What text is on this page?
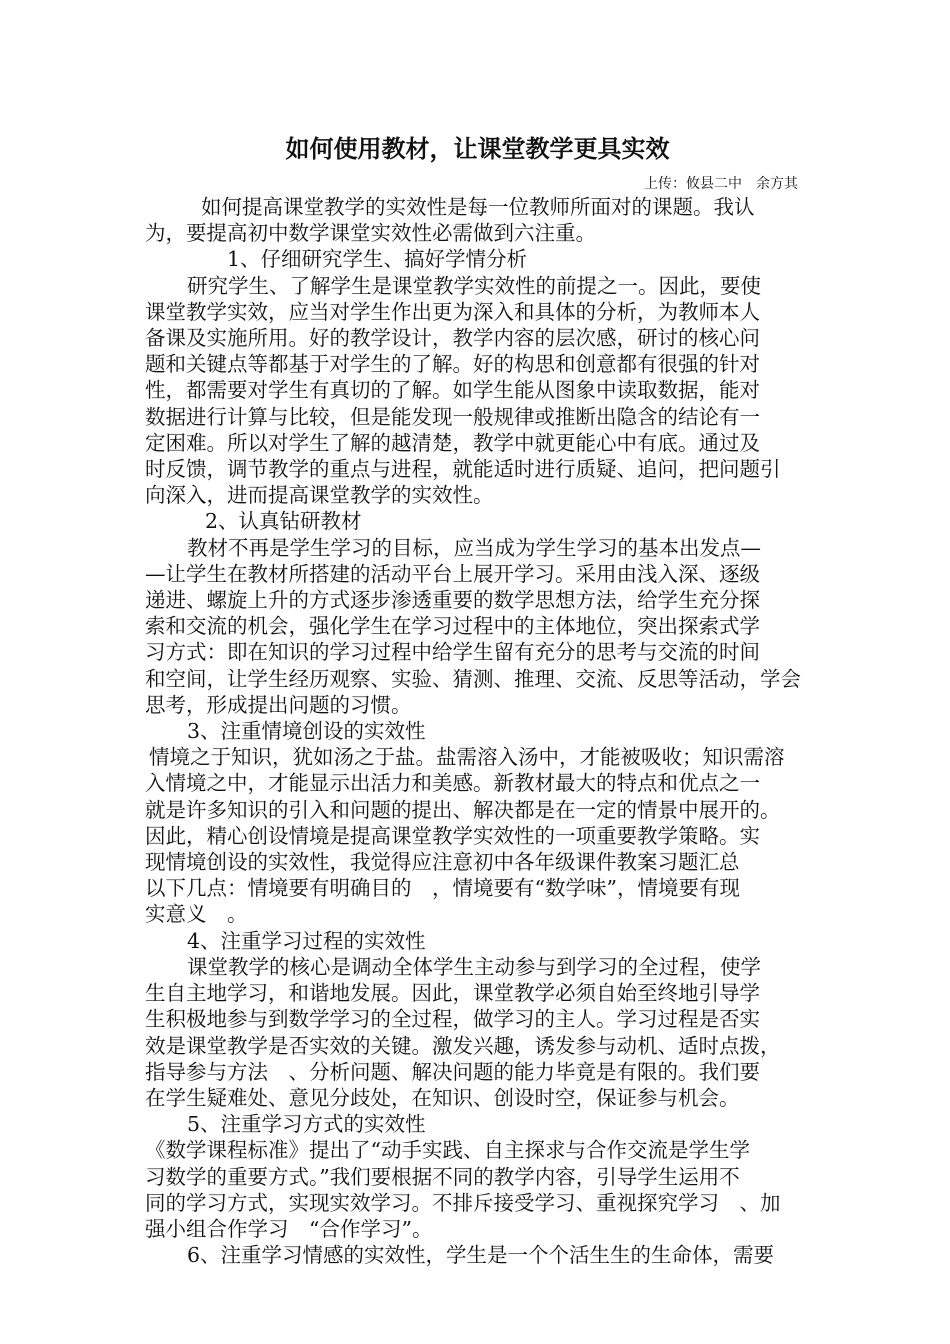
如何使用教材，让课堂教学更具实效
上传：攸县二中　余方其
如何提高课堂教学的实效性是每一位教师所面对的课题。我认
为，要提高初中数学课堂实效性必需做到六注重。
1、仔细研究学生、搞好学情分析
研究学生、了解学生是课堂教学实效性的前提之一。因此，要使
课堂教学实效，应当对学生作出更为深入和具体的分析，为教师本人
备课及实施所用。好的教学设计，教学内容的层次感，研讨的核心问
题和关键点等都基于对学生的了解。好的构思和创意都有很强的针对
性，都需要对学生有真切的了解。如学生能从图象中读取数据，能对
数据进行计算与比较，但是能发现一般规律或推断出隐含的结论有一
定困难。所以对学生了解的越清楚，教学中就更能心中有底。通过及
时反馈，调节教学的重点与进程，就能适时进行质疑、追问，把问题引
向深入，进而提高课堂教学的实效性。
2、认真钻研教材
教材不再是学生学习的目标，应当成为学生学习的基本出发点—
—让学生在教材所搭建的活动平台上展开学习。采用由浅入深、逐级
递进、螺旋上升的方式逐步渗透重要的数学思想方法，给学生充分探
索和交流的机会，强化学生在学习过程中的主体地位，突出探索式学
习方式：即在知识的学习过程中给学生留有充分的思考与交流的时间
和空间，让学生经历观察、实验、猜测、推理、交流、反思等活动，学会
思考，形成提出问题的习惯。
3、注重情境创设的实效性
情境之于知识，犹如汤之于盐。盐需溶入汤中，才能被吸收；知识需溶
入情境之中，才能显示出活力和美感。新教材最大的特点和优点之一
就是许多知识的引入和问题的提出、解决都是在一定的情景中展开的。
因此，精心创设情境是提高课堂教学实效性的一项重要教学策略。实
现情境创设的实效性，我觉得应注意初中各年级课件教案习题汇总
以下几点：情境要有明确目的　，情境要有“数学味”，情境要有现
实意义　。
4、注重学习过程的实效性
课堂教学的核心是调动全体学生主动参与到学习的全过程，使学
生自主地学习，和谐地发展。因此，课堂教学必须自始至终地引导学
生积极地参与到数学学习的全过程，做学习的主人。学习过程是否实
效是课堂教学是否实效的关键。激发兴趣，诱发参与动机、适时点拨，
指导参与方法　、分析问题、解决问题的能力毕竟是有限的。我们要
在学生疑难处、意见分歧处，在知识、创设时空，保证参与机会。
5、注重学习方式的实效性
《数学课程标准》提出了“动手实践、自主探求与合作交流是学生学
习数学的重要方式。”我们要根据不同的教学内容，引导学生运用不
同的学习方式，实现实效学习。不排斥接受学习、重视探究学习　、加
强小组合作学习　“合作学习”。
6、注重学习情感的实效性，学生是一个个活生生的生命体，需要
